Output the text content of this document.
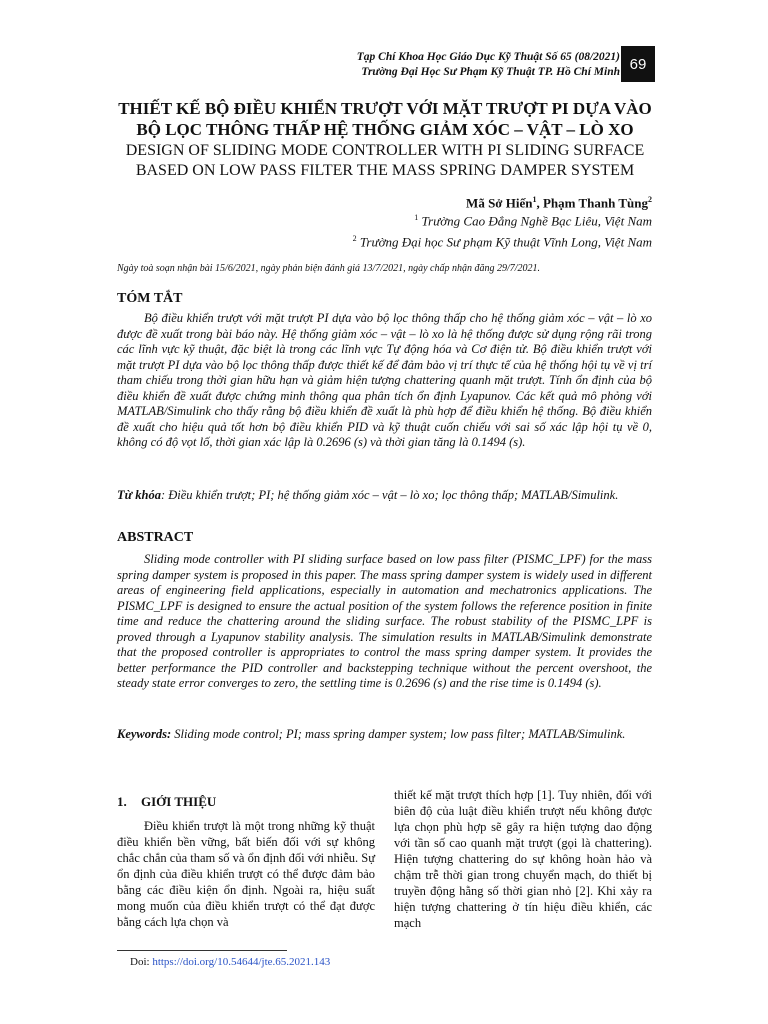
Tạp Chí Khoa Học Giáo Dục Kỹ Thuật Số 65 (08/2021)
Trường Đại Học Sư Phạm Kỹ Thuật TP. Hồ Chí Minh 69
THIẾT KẾ BỘ ĐIỀU KHIỂN TRƯỢT VỚI MẶT TRƯỢT PI DỰA VÀO
BỘ LỌC THÔNG THẤP HỆ THỐNG GIẢM XÓC – VẬT – LÒ XO
DESIGN OF SLIDING MODE CONTROLLER WITH PI SLIDING SURFACE
BASED ON LOW PASS FILTER THE MASS SPRING DAMPER SYSTEM
Mã Sở Hiến$^1$, Phạm Thanh Tùng$^2$
$^1$ Trường Cao Đẳng Nghề Bạc Liêu, Việt Nam
$^2$ Trường Đại học Sư phạm Kỹ thuật Vĩnh Long, Việt Nam
Ngày toà soạn nhận bài 15/6/2021, ngày phản biện đánh giá 13/7/2021, ngày chấp nhận đăng 29/7/2021.
TÓM TẮT
Bộ điều khiển trượt với mặt trượt PI dựa vào bộ lọc thông thấp cho hệ thống giảm xóc – vật – lò xo được đề xuất trong bài báo này. Hệ thống giảm xóc – vật – lò xo là hệ thống được sử dụng rộng rãi trong các lĩnh vực kỹ thuật, đặc biệt là trong các lĩnh vực Tự động hóa và Cơ điện tử. Bộ điều khiển trượt với mặt trượt PI dựa vào bộ lọc thông thấp được thiết kế để đảm bảo vị trí thực tế của hệ thống hội tụ về vị trí tham chiếu trong thời gian hữu hạn và giảm hiện tượng chattering quanh mặt trượt. Tính ổn định của bộ điều khiển đề xuất được chứng minh thông qua phân tích ổn định Lyapunov. Các kết quả mô phỏng với MATLAB/Simulink cho thấy rằng bộ điều khiển đề xuất là phù hợp để điều khiển hệ thống. Bộ điều khiển đề xuất cho hiệu quả tốt hơn bộ điều khiển PID và kỹ thuật cuốn chiếu với sai số xác lập hội tụ về 0, không có độ vọt lố, thời gian xác lập là 0.2696 (s) và thời gian tăng là 0.1494 (s).
Từ khóa: Điều khiển trượt; PI; hệ thống giảm xóc – vật – lò xo; lọc thông thấp; MATLAB/Simulink.
ABSTRACT
Sliding mode controller with PI sliding surface based on low pass filter (PISMC_LPF) for the mass spring damper system is proposed in this paper. The mass spring damper system is widely used in different areas of engineering field applications, especially in automation and mechatronics applications. The PISMC_LPF is designed to ensure the actual position of the system follows the reference position in finite time and reduce the chattering around the sliding surface. The robust stability of the PISMC_LPF is proved through a Lyapunov stability analysis. The simulation results in MATLAB/Simulink demonstrate that the proposed controller is appropriates to control the mass spring damper system. It provides the better performance the PID controller and backstepping technique without the percent overshoot, the steady state error converges to zero, the settling time is 0.2696 (s) and the rise time is 0.1494 (s).
Keywords: Sliding mode control; PI; mass spring damper system; low pass filter; MATLAB/Simulink.
1. GIỚI THIỆU
Điều khiển trượt là một trong những kỹ thuật điều khiển bền vững, bất biến đối với sự không chắc chắn của tham số và ổn định đối với nhiễu. Sự ổn định của điều khiển trượt có thể được đảm bảo bằng các điều kiện ổn định. Ngoài ra, hiệu suất mong muốn của điều khiển trượt có thể đạt được bằng cách lựa chọn và
thiết kế mặt trượt thích hợp [1]. Tuy nhiên, đối với biên độ của luật điều khiển trượt nếu không được lựa chọn phù hợp sẽ gây ra hiện tượng dao động với tần số cao quanh mặt trượt (gọi là chattering). Hiện tượng chattering do sự không hoàn hảo và chậm trễ thời gian trong chuyển mạch, do thiết bị truyền động hằng số thời gian nhỏ [2]. Khi xảy ra hiện tượng chattering ở tín hiệu điều khiển, các mạch
Doi: https://doi.org/10.54644/jte.65.2021.143
